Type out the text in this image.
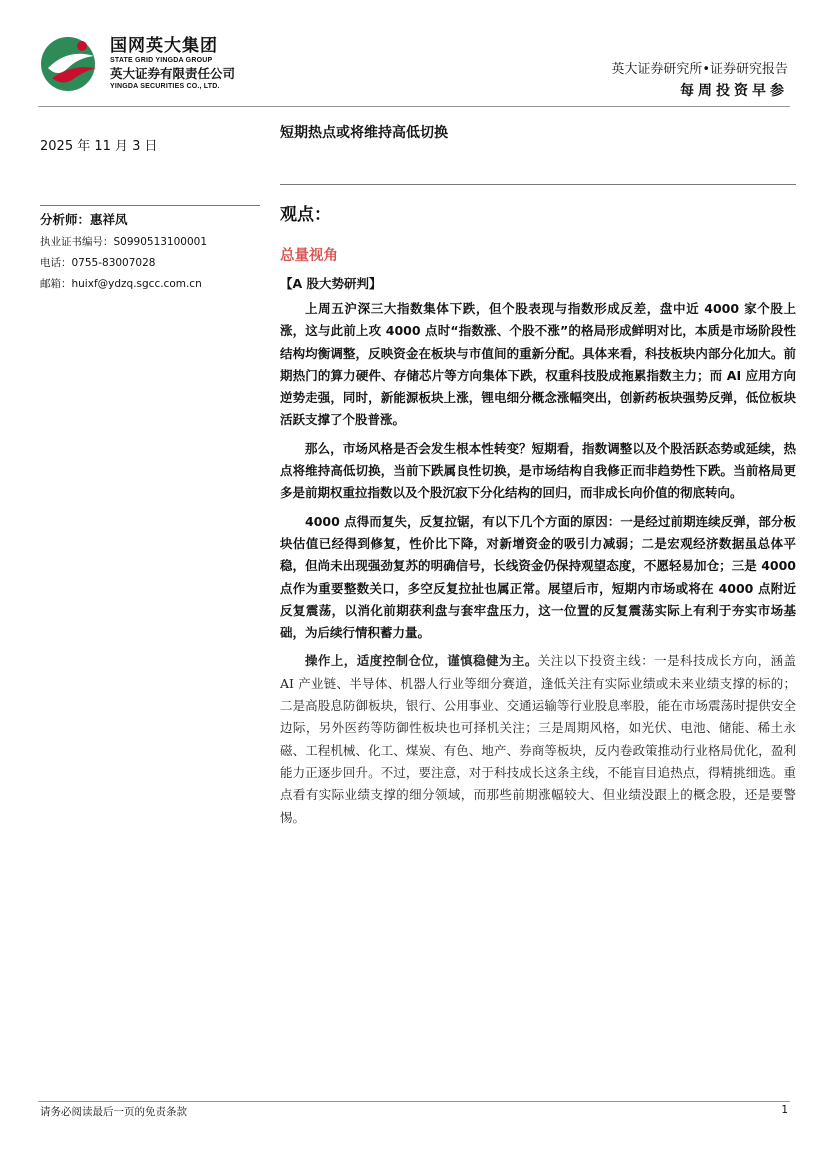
国网英大集团
STATE GRID YINGDA GROUP
英大证券有限责任公司
YINGDA SECURITIES CO., LTD.
英大证券研究所•证券研究报告
每周投资早参
2025 年 11 月 3 日
分析师：惠祥凤
执业证书编号：S0990513100001
电话：0755-83007028
邮箱：huixf@ydzq.sgcc.com.cn
短期热点或将维持高低切换
观点：
总量视角
【A 股大势研判】

上周五沪深三大指数集体下跌，但个股表现与指数形成反差，盘中近 4000 家个股上涨，这与此前上攻 4000 点时“指数涨、个股不涨”的格局形成鲜明对比，本质是市场阶段性结构均衡调整，反映资金在板块与市值间的重新分配。具体来看，科技板块内部分化加大。前期热门的算力硬件、存储芯片等方向集体下跌，权重科技股成拖累指数主力；而 AI 应用方向逆势走强，同时，新能源板块上涨，锂电细分概念涨幅突出，创新药板块强势反弹，低位板块活跃支撑了个股普涨。

那么，市场风格是否会发生根本性转变？短期看，指数调整以及个股活跃态势或延续，热点将维持高低切换，当前下跌属良性切换，是市场结构自我修正而非趋势性下跌。当前格局更多是前期权重拉指数以及个股沉寂下分化结构的回归，而非成长向价值的彻底转向。

4000 点得而复失，反复拉锯，有以下几个方面的原因：一是经过前期连续反弹，部分板块估值已经得到修复，性价比下降，对新增资金的吸引力减弱；二是宏观经济数据虽总体平稳，但尚未出现强劲复苏的明确信号，长线资金仍保持观望态度，不愿轻易加仓；三是 4000 点作为重要整数关口，多空反复拉扯也属正常。展望后市，短期内市场或将在 4000 点附近反复震荡，以消化前期获利盘与套牢盘压力，这一位置的反复震荡实际上有利于夯实市场基础，为后续行情积蓄力量。

操作上，适度控制仓位，谨慎稳健为主。关注以下投资主线：一是科技成长方向，涵盖 AI 产业链、半导体、机器人行业等细分赛道，逢低关注有实际业绩或未来业绩支撑的标的；二是高股息防御板块，银行、公用事业、交通运输等行业股息率股，能在市场震荡时提供安全边际，另外医药等防御性板块也可择机关注；三是周期风格，如光伏、电池、储能、稀土永磁、工程机械、化工、煤炭、有色、地产、券商等板块，反内卷政策推动行业格局优化，盈利能力正逐步回升。不过，要注意，对于科技成长这条主线，不能盲目追热点，得精挑细选。重点看有实际业绩支撑的细分领域，而那些前期涨幅较大、但业绩没跟上的概念股，还是要警惕。

请务必阅读最后一页的免责条款	1
